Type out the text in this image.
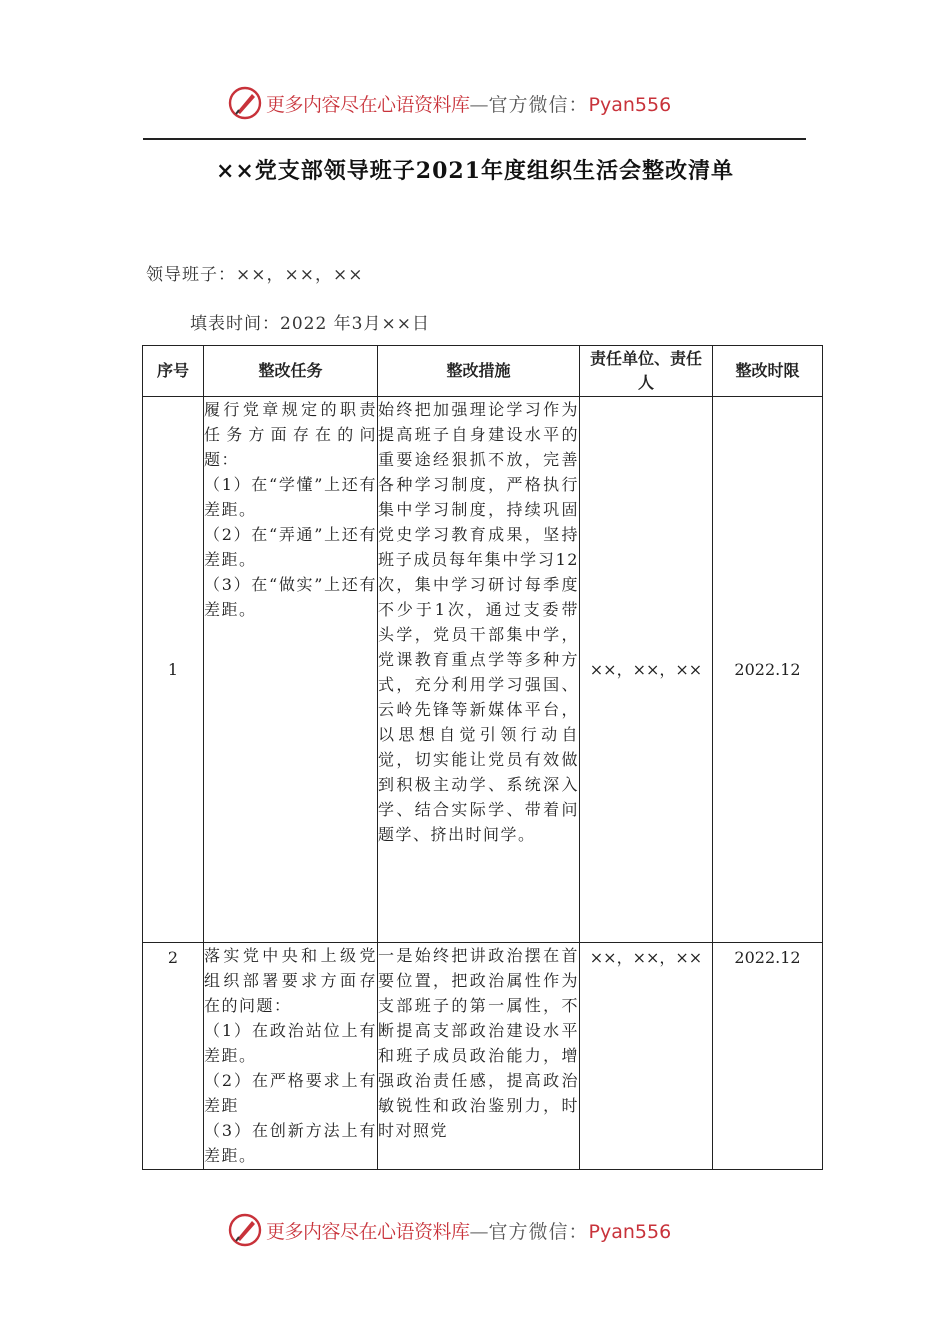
更多内容尽在心语资料库—官方微信：Pyan556
××党支部领导班子2021年度组织生活会整改清单
领导班子：××，××，××
填表时间：2022 年3月××日
序号	整改任务	整改措施	责任单位、责任人	整改时限
1	履行党章规定的职责任务方面存在的问题：
（1）在“学懂”上还有差距。
（2）在“弄通”上还有差距。
（3）在“做实”上还有差距。	始终把加强理论学习作为提高班子自身建设水平的重要途经狠抓不放，完善各种学习制度，严格执行集中学习制度，持续巩固党史学习教育成果，坚持班子成员每年集中学习12次，集中学习研讨每季度不少于1次，通过支委带头学，党员干部集中学，党课教育重点学等多种方式，充分利用学习强国、云岭先锋等新媒体平台，以思想自觉引领行动自觉，切实能让党员有效做到积极主动学、系统深入学、结合实际学、带着问题学、挤出时间学。	××，××，××	2022.12
2	落实党中央和上级党组织部署要求方面存在的问题：
（1）在政治站位上有差距。
（2）在严格要求上有差距
（3）在创新方法上有差距。	一是始终把讲政治摆在首要位置，把政治属性作为支部班子的第一属性，不断提高支部政治建设水平和班子成员政治能力，增强政治责任感，提高政治敏锐性和政治鉴别力，时时对照党	××，××，××	2022.12
更多内容尽在心语资料库—官方微信：Pyan556
